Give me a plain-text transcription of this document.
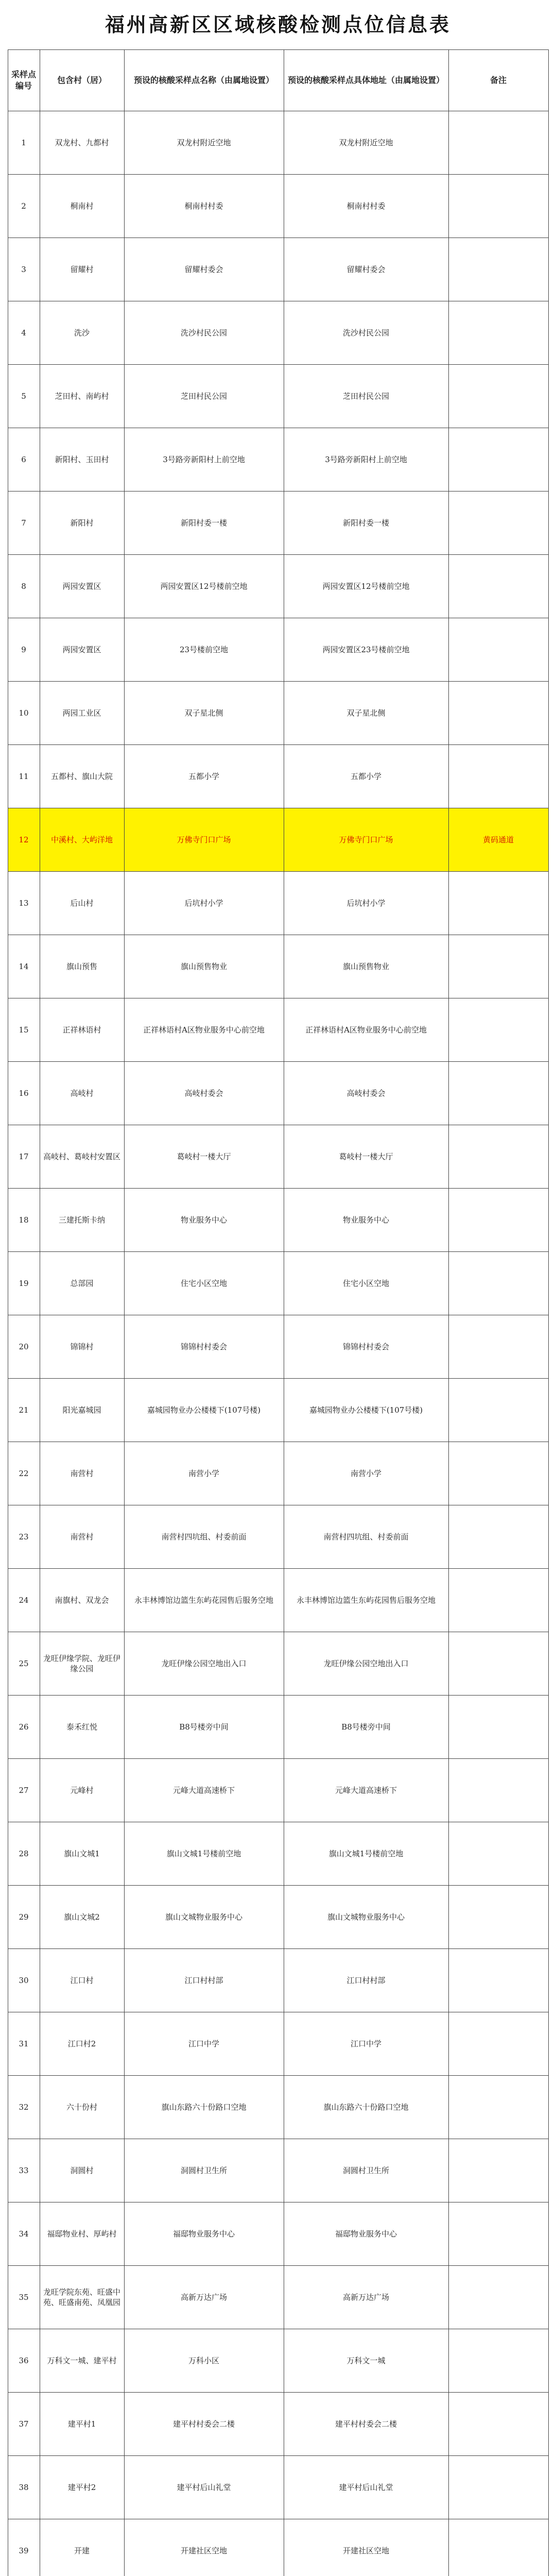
福州高新区区域核酸检测点位信息表
采样点编号	包含村（居）	预设的核酸采样点名称（由属地设置）	预设的核酸采样点具体地址（由属地设置）	备注
1	双龙村、九都村	双龙村附近空地	双龙村附近空地	
2	桐南村	桐南村村委	桐南村村委	
3	留耀村	留耀村委会	留耀村委会	
4	洗沙	洗沙村民公园	洗沙村民公园	
5	芝田村、南屿村	芝田村民公园	芝田村民公园	
6	新阳村、玉田村	3号路旁新阳村上前空地	3号路旁新阳村上前空地	
7	新阳村	新阳村委一楼	新阳村委一楼	
8	两园安置区	两园安置区12号楼前空地	两园安置区12号楼前空地	
9	两园安置区	23号楼前空地	两园安置区23号楼前空地	
10	两园工业区	双子星北侧	双子星北侧	
11	五都村、旗山大院	五都小学	五都小学	
12	中溪村、大屿洋地	万佛寺门口广场	万佛寺门口广场	黄码通道
13	后山村	后坑村小学	后坑村小学	
14	旗山预售	旗山预售物业	旗山预售物业	
15	正祥林语村	正祥林语村A区物业服务中心前空地	正祥林语村A区物业服务中心前空地	
16	高岐村	高岐村委会	高岐村委会	
17	高岐村、葛岐村安置区	葛岐村一楼大厅	葛岐村一楼大厅	
18	三建托斯卡纳	物业服务中心	物业服务中心	
19	总部园	住宅小区空地	住宅小区空地	
20	锦锦村	锦锦村村委会	锦锦村村委会	
21	阳光嘉城园	嘉城园物业办公楼楼下(107号楼)	嘉城园物业办公楼楼下(107号楼)	
22	南营村	南营小学	南营小学	
23	南营村	南营村四坑组、村委前面	南营村四坑组、村委前面	
24	南旗村、双龙会	永丰林博馆边篮生东屿花园售后服务空地	永丰林博馆边篮生东屿花园售后服务空地	
25	龙旺伊缘学院、龙旺伊缘公园	龙旺伊缘公园空地出入口	龙旺伊缘公园空地出入口	
26	泰禾红悦	B8号楼旁中间	B8号楼旁中间	
27	元峰村	元峰大道高速桥下	元峰大道高速桥下	
28	旗山文城1	旗山文城1号楼前空地	旗山文城1号楼前空地	
29	旗山文城2	旗山文城物业服务中心	旗山文城物业服务中心	
30	江口村	江口村村部	江口村村部	
31	江口村2	江口中学	江口中学	
32	六十份村	旗山东路六十份路口空地	旗山东路六十份路口空地	
33	洞圆村	洞圆村卫生所	洞圆村卫生所	
34	福邸物业村、厚屿村	福邸物业服务中心	福邸物业服务中心	
35	龙旺学院东苑、旺盛中苑、旺盛南苑、凤凰园	高新万达广场	高新万达广场	
36	万科文一城、建平村	万科小区	万科文一城	
37	建平村1	建平村村委会二楼	建平村村委会二楼	
38	建平村2	建平村后山礼堂	建平村后山礼堂	
39	开建	开建社区空地	开建社区空地	
